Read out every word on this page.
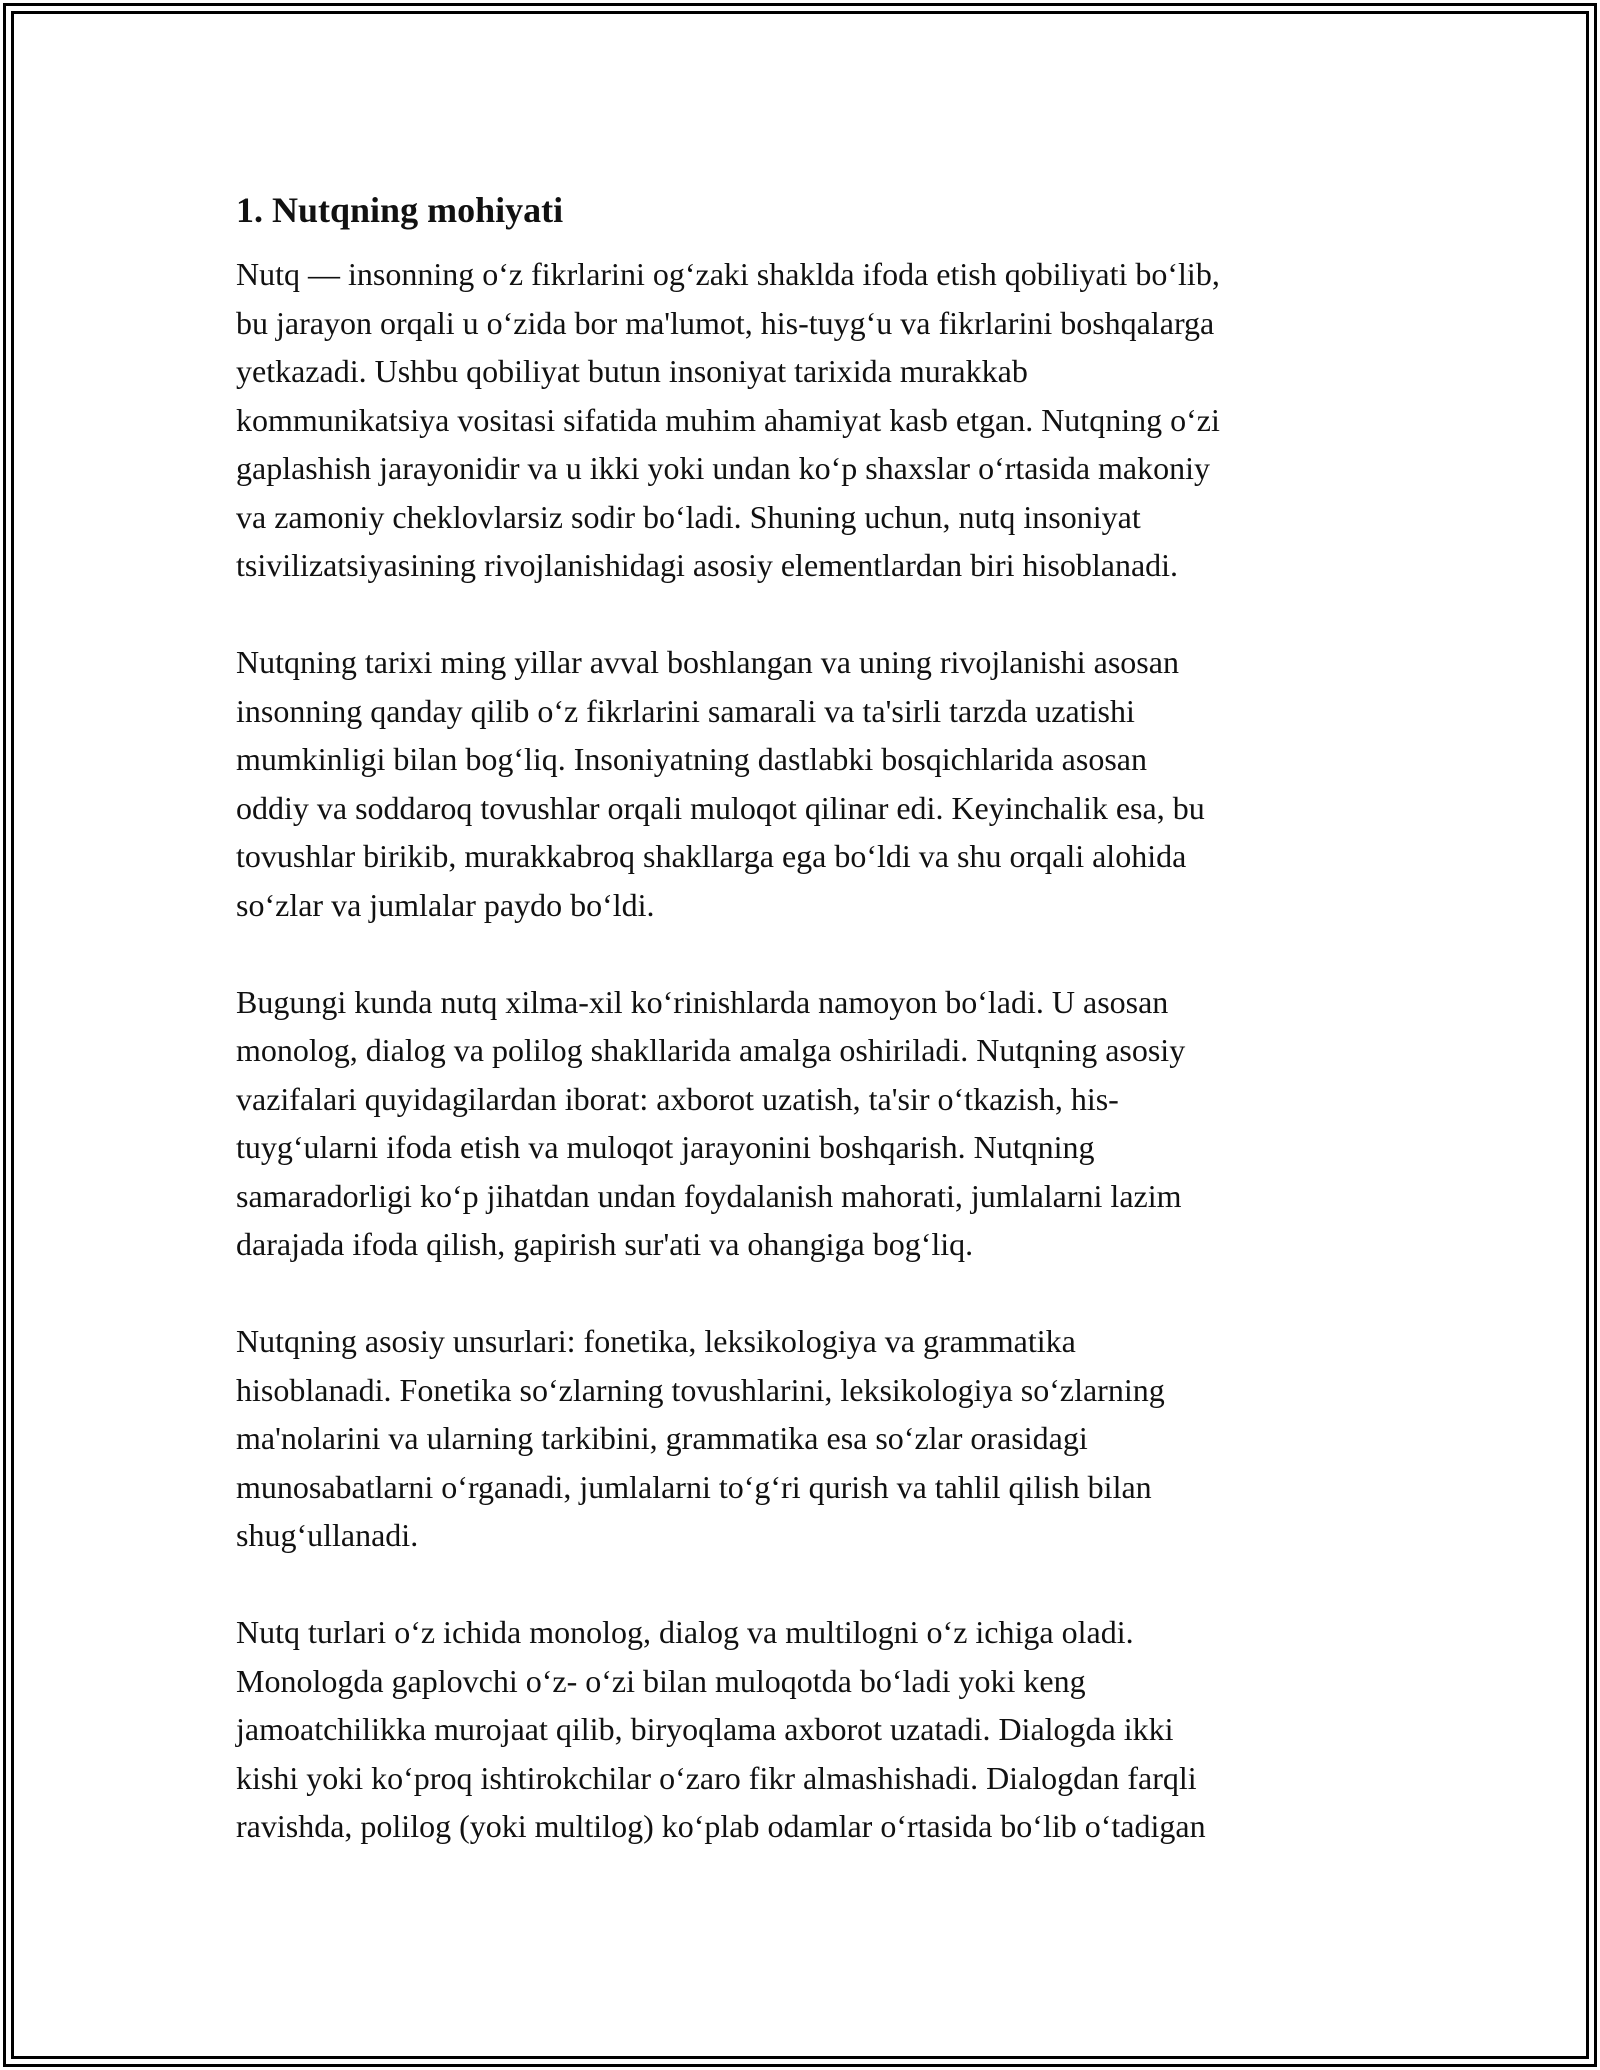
1. Nutqning mohiyati
Nutq — insonning o‘z fikrlarini og‘zaki shaklda ifoda etish qobiliyati bo‘lib,
bu jarayon orqali u o‘zida bor ma'lumot, his-tuyg‘u va fikrlarini boshqalarga
yetkazadi. Ushbu qobiliyat butun insoniyat tarixida murakkab
kommunikatsiya vositasi sifatida muhim ahamiyat kasb etgan. Nutqning o‘zi
gaplashish jarayonidir va u ikki yoki undan ko‘p shaxslar o‘rtasida makoniy
va zamoniy cheklovlarsiz sodir bo‘ladi. Shuning uchun, nutq insoniyat
tsivilizatsiyasining rivojlanishidagi asosiy elementlardan biri hisoblanadi.
Nutqning tarixi ming yillar avval boshlangan va uning rivojlanishi asosan
insonning qanday qilib o‘z fikrlarini samarali va ta'sirli tarzda uzatishi
mumkinligi bilan bog‘liq. Insoniyatning dastlabki bosqichlarida asosan
oddiy va soddaroq tovushlar orqali muloqot qilinar edi. Keyinchalik esa, bu
tovushlar birikib, murakkabroq shakllarga ega bo‘ldi va shu orqali alohida
so‘zlar va jumlalar paydo bo‘ldi.
Bugungi kunda nutq xilma-xil ko‘rinishlarda namoyon bo‘ladi. U asosan
monolog, dialog va polilog shakllarida amalga oshiriladi. Nutqning asosiy
vazifalari quyidagilardan iborat: axborot uzatish, ta'sir o‘tkazish, his-
tuyg‘ularni ifoda etish va muloqot jarayonini boshqarish. Nutqning
samaradorligi ko‘p jihatdan undan foydalanish mahorati, jumlalarni lazim
darajada ifoda qilish, gapirish sur'ati va ohangiga bog‘liq.
Nutqning asosiy unsurlari: fonetika, leksikologiya va grammatika
hisoblanadi. Fonetika so‘zlarning tovushlarini, leksikologiya so‘zlarning
ma'nolarini va ularning tarkibini, grammatika esa so‘zlar orasidagi
munosabatlarni o‘rganadi, jumlalarni to‘g‘ri qurish va tahlil qilish bilan
shug‘ullanadi.
Nutq turlari o‘z ichida monolog, dialog va multilogni o‘z ichiga oladi.
Monologda gaplovchi o‘z- o‘zi bilan muloqotda bo‘ladi yoki keng
jamoatchilikka murojaat qilib, biryoqlama axborot uzatadi. Dialogda ikki
kishi yoki ko‘proq ishtirokchilar o‘zaro fikr almashishadi. Dialogdan farqli
ravishda, polilog (yoki multilog) ko‘plab odamlar o‘rtasida bo‘lib o‘tadigan
